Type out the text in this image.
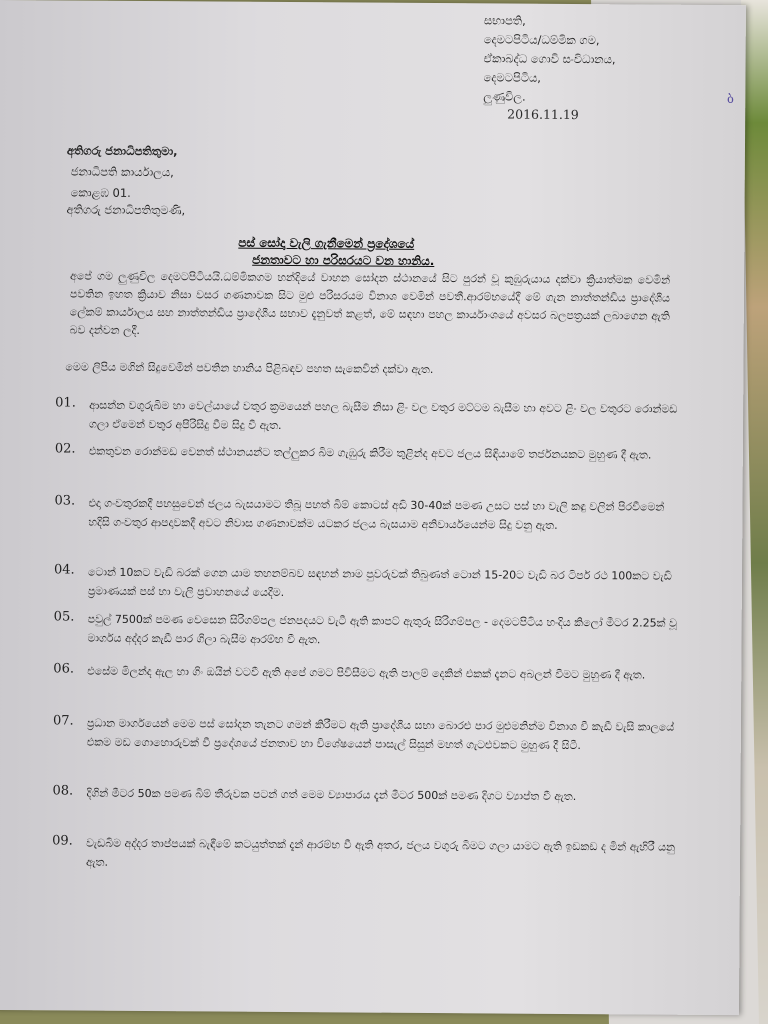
සභාපති,
දෙමටපිටිය/ධම්මික ගම,
ඒකාබද්ධ ගොවි සංවිධානය,
දෙමටපිටිය,
ලුණුවිල.
2016.11.19
අතිගරු ජනාධිපතිතුමා,
ජනාධිපති කාර්යාලය,
කොළඹ 01.
අතිගරු ජනාධිපතිතුමණි,
පස් සෝදා වැලි ගැනීමෙන් ප්‍රදේශයේ
ජනතාවට හා පරිසරයට වන හානිය.
අපේ ගම ලුණුවිල දෙමටපිටියයි.ධම්මිකගම හන්දියේ වාහන සෝදන ස්ථානයේ සිට පුරන් වූ කුඹුරුයාය දක්වා ක්‍රියාත්මක වෙමින් පවතින ඉහත ක්‍රියාව නිසා වසර ගණනාවක සිට මුළු පරිසරයම විනාශ වෙමින් පවතී.ආරම්භයේදී මේ ගැන නාත්තන්ඩිය ප්‍රාදේශීය ලේකම් කාර්යාලය සහ නාත්තන්ඩිය ප්‍රාදේශීය සභාව දැනුවත් කළත්, මේ සඳහා පහල කාර්යාංශයේ අවසර බලපත්‍රයක් ලබාගෙන ඇති බව දන්වන ලදී.
මෙම ලිපිය මගින් සිදුවෙමින් පවතින හානිය පිළිබඳව පහත සැකෙවින් දක්වා ඇත.
01. ආසන්න වගුරුබිම හා වෙල්යායේ වතුර ක්‍රමයෙන් පහල බැසීම නිසා ළිං වල වතුර මට්ටම බැසීම හා අවට ළිං වල වතුරට රොන්මඩ ගලා ඒමෙන් වතුර අපිරිසිදු වීම සිදු වී ඇත.
02. එකතුවන රොන්මඩ වෙනත් ස්ථානයන්ට තල්ලුකර බිම ගැඹුරු කිරීම තුළින්ද අවට ජලය සිඳියාමේ තර්ජනයකට මුහුණ දී ඇත.
03. එදා ගංවතුරකදී පහසුවෙන් ජලය බැසයාමට තිබූ පහත් බිම් කොටස් අඩි 30-40ක් පමණ උසට පස් හා වැලි කඳු වලින් පිරවීමෙන් හදිසි ගංවතුර ආපදාවකදී අවට නිවාස ගණනාවක්ම යටකර ජලය බැසයාම අනිවාර්යයෙන්ම සිදු වනු ඇත.
04. ටොන් 10කට වැඩි බරක් ගෙන යාම තහනම්බව සඳහන් නාම පුවරුවක් තිබුණත් ටොන් 15-20ට වැඩි බර ටිපර් රථ 100කට වැඩි ප්‍රමාණයක් පස් හා වැලි ප්‍රවාහනයේ යෙදීම.
05. පවුල් 7500ක් පමණ වෙසෙන සිරිගම්පල ජනපදයට වැටී ඇති කාපට් ඇතුරූ සිරිගම්පල - දෙමටපිටිය හංදිය කිලෝ මීටර 2.25ක් වූ මාර්ගය අද්දර කැඩී පාර ගිලා බැසීම ආරම්භ වී ඇත.
06. එසේම මිලන්ද ඇල හා ගිං ඔයින් වටවී ඇති අපේ ගමට පිවිසීමට ඇති පාලම් දෙකින් එකක් දැනට අබලන් වීමට මුහුණ දී ඇත.
07. ප්‍රධාන මාර්ගයෙන් මෙම පස් සෝදන තැනට ගමන් කිරීමට ඇති ප්‍රාදේශීය සභා බොරළු පාර මුළුමනින්ම විනාශ වී කැඩී වැසි කාලයේ එකම මඩ ගොහොරුවක් වී ප්‍රදේශයේ ජනතාව හා විශේෂයෙන් පාසැල් සිසුන් මහත් ගැටළුවකට මුහුණ දී සිටී.
08. දිගින් මීටර 50ක පමණ බිම් තීරුවක පටන් ගත් මෙම ව්‍යාපාරය දැන් මීටර 500ක් පමණ දිගට ව්‍යාප්ත වී ඇත.
09. වැඩබිම අද්දර තාප්පයක් බැඳීමේ කටයුත්තක් දැන් ආරම්භ වී ඇති අතර, ජලය වගුරු බිමට ගලා යාමට ඇති ඉඩකඩ ද මින් ඇහිරී යනු ඇත.
ბ
